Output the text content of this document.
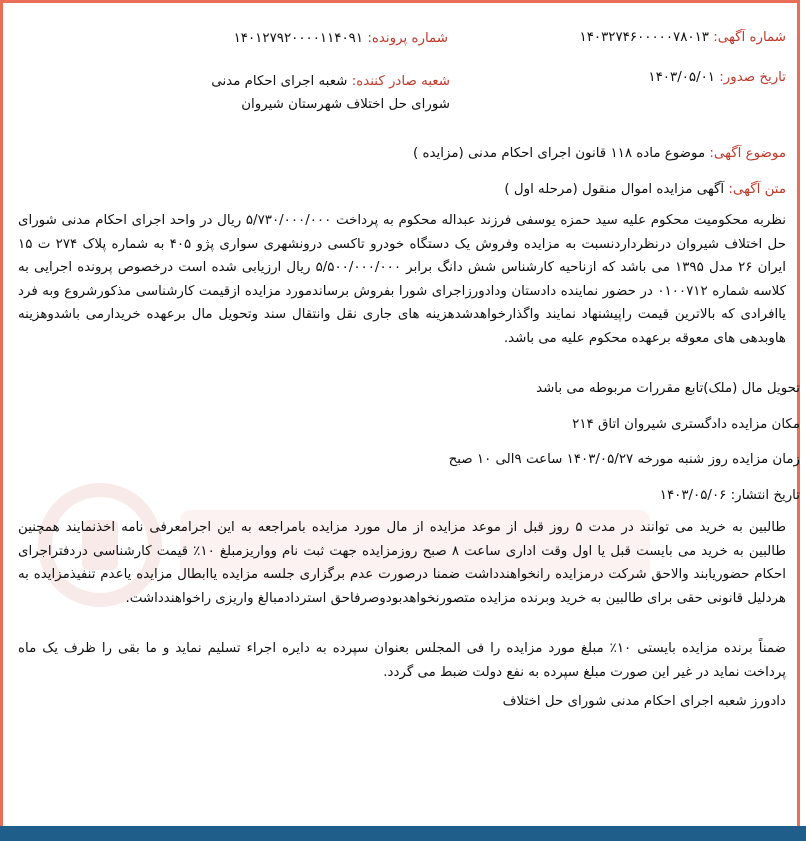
شماره آگهی: ۱۴۰۳۲۷۴۶۰۰۰۰۰۷۸۰۱۳
تاریخ صدور: ۱۴۰۳/۰۵/۰۱
شماره پرونده: ۱۴۰۱۲۷۹۲۰۰۰۰۱۱۴۰۹۱
شعبه صادر کننده: شعبه اجرای احکام مدنی شورای حل اختلاف شهرستان شیروان
موضوع آگهی: موضوع ماده ۱۱۸ قانون اجرای احکام مدنی (مزایده )
متن آگهی: آگهی مزایده اموال منقول (مرحله اول )
نظربه محکومیت محکوم علیه سید حمزه یوسفی فرزند عبداله محکوم به پرداخت ۵/۷۳۰/۰۰۰/۰۰۰ ریال در واحد اجرای احکام مدنی شورای حل اختلاف شیروان درنظرداردنسبت به مزایده وفروش یک دستگاه خودرو تاکسی درونشهری سواری پژو ۴۰۵ به شماره پلاک ۲۷۴ ت ۱۵ ایران ۲۶ مدل ۱۳۹۵ می باشد که ازناحیه کارشناس شش دانگ برابر ۵/۵۰۰/۰۰۰/۰۰۰ ریال ارزیابی شده است درخصوص پرونده اجرایی به کلاسه شماره ۰۱۰۰۷۱۲ در حضور نماینده دادستان ودادورزاجرای شورا بفروش برساندمورد مزایده ازقیمت کارشناسی مذکورشروع وبه فرد یاافرادی که بالاترین قیمت راپیشنهاد نمایند واگذارخواهدشدهزینه های جاری نقل وانتقال سند وتحویل مال برعهده خریدارمی باشدوهزینه هاوبدهی های معوقه برعهده محکوم علیه می باشد.
تحویل مال (ملک)تابع مقررات مربوطه می باشد
مکان مزایده دادگستری شیروان اتاق ۲۱۴
زمان مزایده روز شنبه مورخه ۱۴۰۳/۰۵/۲۷ ساعت ۹الی ۱۰ صبح
تاریخ انتشار: ۱۴۰۳/۰۵/۰۶
طالبین به خرید می توانند در مدت ۵ روز قبل از موعد مزایده از مال مورد مزایده بامراجعه به این اجرامعرفی نامه اخذنمایند همچنین طالبین به خرید می بایست قبل یا اول وقت اداری ساعت ۸ صبح روزمزایده جهت ثبت نام وواریزمبلغ ۱۰٪ قیمت کارشناسی دردفتراجرای احکام حضوریابند والاحق شرکت درمزایده رانخواهندداشت ضمنا درصورت عدم برگزاری جلسه مزایده یاابطال مزایده یاعدم تنفیذمزایده به هردلیل قانونی حقی برای طالبین به خرید وبرنده مزایده متصورنخواهدبودوصرفاحق استردادمبالغ واریزی راخواهندداشت.
ضمناً برنده مزایده بایستی ۱۰٪ مبلغ مورد مزایده را فی المجلس بعنوان سپرده به دایره اجراء تسلیم نماید و ما بقی را ظرف یک ماه پرداخت نماید در غیر این صورت مبلغ سپرده به نفع دولت ضبط می گردد.
دادورز شعبه اجرای احکام مدنی شورای حل اختلاف
